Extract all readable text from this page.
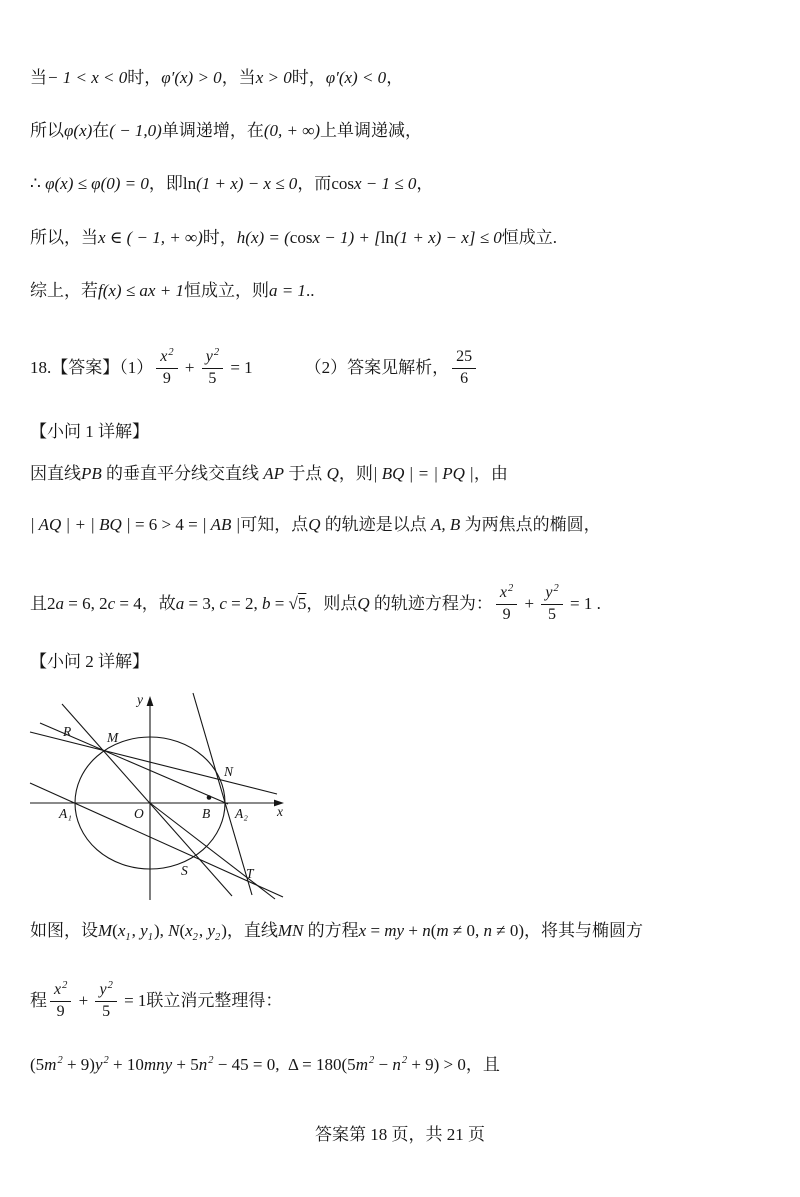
当− 1 < x < 0时，φ′(x) > 0，当x > 0时，φ′(x) < 0，
所以φ(x)在( − 1,0)单调递增，在(0, + ∞)上单调递减，
∴ φ(x) ≤ φ(0) = 0，即ln(1 + x) − x ≤ 0，而cosx − 1 ≤ 0，
所以，当x ∈ ( − 1, + ∞)时，h(x) = (cosx − 1) + [ln(1 + x) − x] ≤ 0恒成立.
综上，若f(x) ≤ ax + 1恒成立，则a = 1..
18. 【答案】$(1) \frac{x^2}{9} + \frac{y^2}{5} = 1$	（2）答案见解析， $\frac{25}{6}$
【小问 1 详解】
因直线PB 的垂直平分线交直线 AP 于点 Q，则| BQ | = | PQ |，由
| AQ | + | BQ | = 6 > 4 = | AB |可知，点Q 的轨迹是以点 A, B 为两焦点的椭圆，
且 2 a = 6, 2 c = 4 ，故 a = 3, c = 2, b = √ 5 ，则点 Q 的轨迹方程为： $\frac{x^2}{9} + \frac{y^2}{5} = 1$ .
【小问 2 详解】
y
x
R	M
N
A₁	O	B A₂
S	T
如图，设$M(x_1$, $y_1$), $N(x_2$, $y_2$)，直线MN 的方程x = my + n(m ≠ 0, n ≠ 0)，将其与椭圆方
程 $\frac{x^2}{9} + \frac{y^2}{5} = 1$ 联立消元整理得：
$(5m^2 + 9)y^2 + 10mny + 5n^2 - 45 = 0$,  $\Delta = 180(5m^2 - n^2 + 9) > 0$，且
答案第 18 页，共 21 页
